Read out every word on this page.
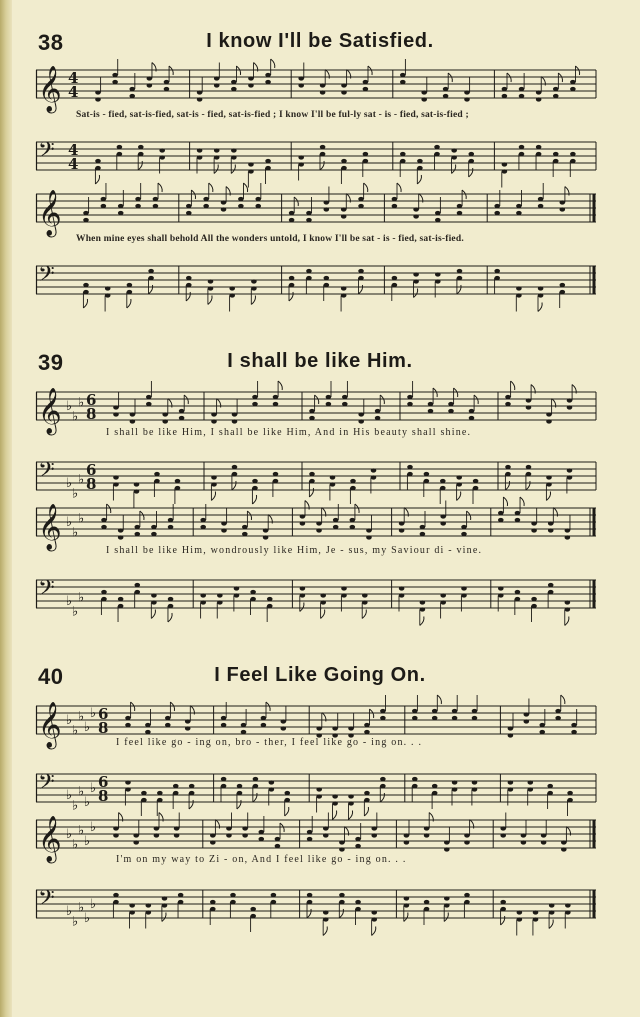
38	I know I'll be Satisfied.
𝄞 4
4
Sat-is - fied, sat-is-fied, sat-is - fied, sat-is-fied ; I know I'll be ful-ly sat - is - fied, sat-is-fied ;
𝄢 4
4
𝄞
When mine eyes shall behold All the wonders untold, I know I'll be sat - is - fied, sat-is-fied.
𝄢
39	I shall be like Him.
𝄞 ♭
♭
♭ 6
8
I shall be like Him, I shall be like Him, And in His beauty shall shine.
𝄢 ♭
♭
♭
6
8
𝄞 ♭
♭
♭
I shall be like Him, wondrously like Him, Je - sus, my Saviour di - vine.
𝄢 ♭
♭
♭
40	I Feel Like Going On.
𝄞 ♭
♭
♭
♭
♭ 6
8
I feel like go - ing on, bro - ther, I feel like go - ing on. . .
𝄢 ♭
♭
♭
♭
♭ 6
8
𝄞 ♭
♭
♭
♭
♭
I'm on my way to Zi - on, And I feel like go - ing on. . .
𝄢 ♭
♭
♭
♭
♭
